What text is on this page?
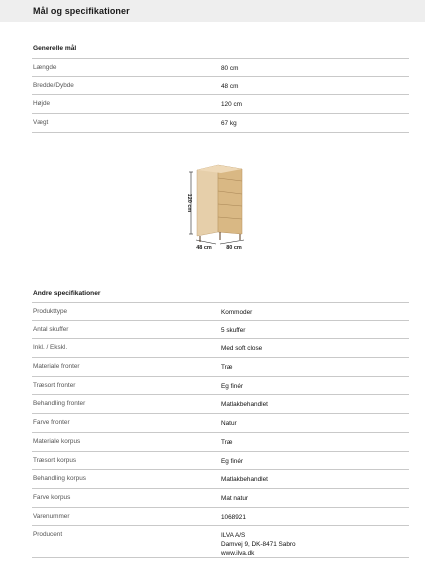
Mål og specifikationer
Generelle mål
Længde	80 cm
Bredde/Dybde	48 cm
Højde	120 cm
Vægt	67 kg
120 cm
48 cm	80 cm
Andre specifikationer
Produkttype	Kommoder
Antal skuffer	5 skuffer
Inkl. / Ekskl.	Med soft close
Materiale fronter	Træ
Træsort fronter	Eg finér
Behandling fronter	Matlakbehandlet
Farve fronter	Natur
Materiale korpus	Træ
Træsort korpus	Eg finér
Behandling korpus	Matlakbehandlet
Farve korpus	Mat natur
Varenummer	1068921
Producent	ILVA A/S
Damvej 9, DK-8471 Sabro
www.ilva.dk
